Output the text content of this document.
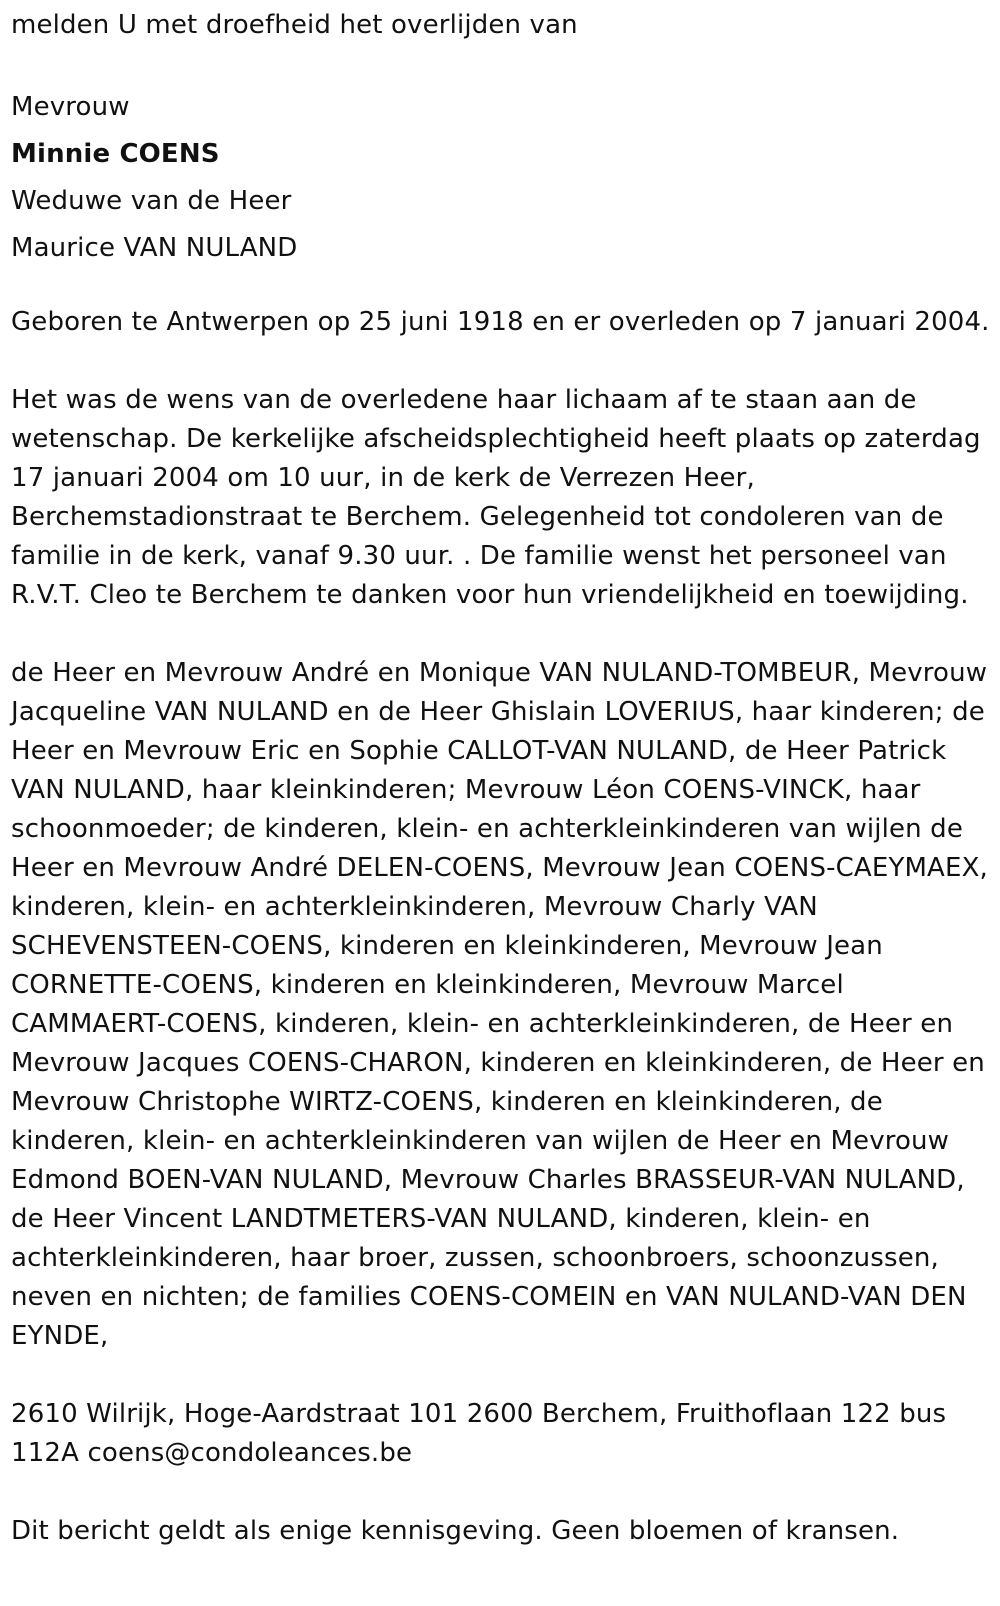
melden U met droefheid het overlijden van

Mevrouw

Minnie COENS

Weduwe van de Heer

Maurice VAN NULAND

Geboren te Antwerpen op 25 juni 1918 en er overleden op 7 januari 2004.

Het was de wens van de overledene haar lichaam af te staan aan de wetenschap. De kerkelijke afscheidsplechtigheid heeft plaats op zaterdag 17 januari 2004 om 10 uur, in de kerk de Verrezen Heer, Berchemstadionstraat te Berchem. Gelegenheid tot condoleren van de familie in de kerk, vanaf 9.30 uur. . De familie wenst het personeel van R.V.T. Cleo te Berchem te danken voor hun vriendelijkheid en toewijding.

de Heer en Mevrouw André en Monique VAN NULAND-TOMBEUR, Mevrouw Jacqueline VAN NULAND en de Heer Ghislain LOVERIUS, haar kinderen; de Heer en Mevrouw Eric en Sophie CALLOT-VAN NULAND, de Heer Patrick VAN NULAND, haar kleinkinderen; Mevrouw Léon COENS-VINCK, haar schoonmoeder; de kinderen, klein- en achterkleinkinderen van wijlen de Heer en Mevrouw André DELEN-COENS, Mevrouw Jean COENS-CAEYMAEX, kinderen, klein- en achterkleinkinderen, Mevrouw Charly VAN SCHEVENSTEEN-COENS, kinderen en kleinkinderen, Mevrouw Jean CORNETTE-COENS, kinderen en kleinkinderen, Mevrouw Marcel CAMMAERT-COENS, kinderen, klein- en achterkleinkinderen, de Heer en Mevrouw Jacques COENS-CHARON, kinderen en kleinkinderen, de Heer en Mevrouw Christophe WIRTZ-COENS, kinderen en kleinkinderen, de kinderen, klein- en achterkleinkinderen van wijlen de Heer en Mevrouw Edmond BOEN-VAN NULAND, Mevrouw Charles BRASSEUR-VAN NULAND, de Heer Vincent LANDTMETERS-VAN NULAND, kinderen, klein- en achterkleinkinderen, haar broer, zussen, schoonbroers, schoonzussen, neven en nichten; de families COENS-COMEIN en VAN NULAND-VAN DEN EYNDE,

2610 Wilrijk, Hoge-Aardstraat 101 2600 Berchem, Fruithoflaan 122 bus 112A coens@condoleances.be

Dit bericht geldt als enige kennisgeving. Geen bloemen of kransen.
